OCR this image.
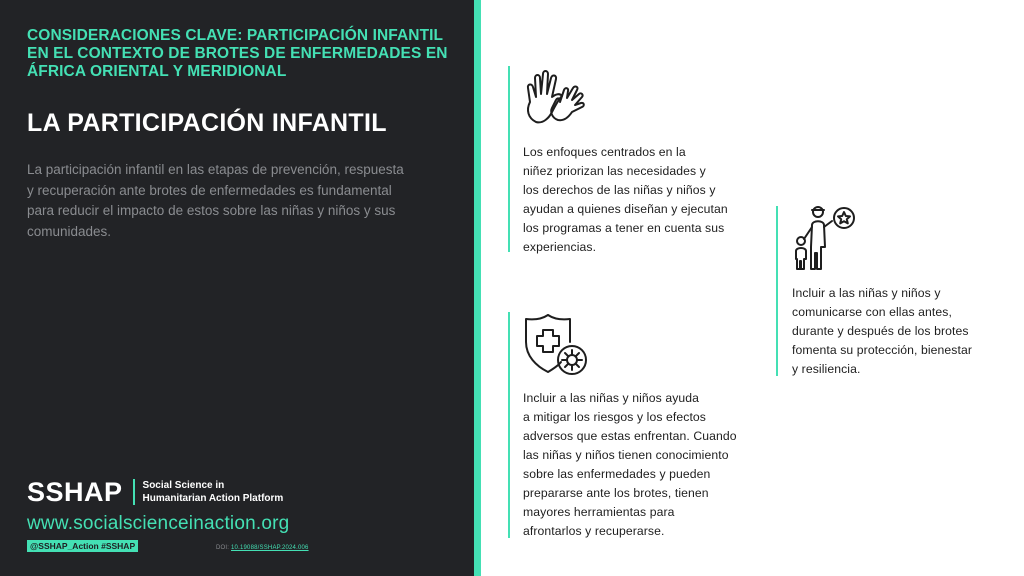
CONSIDERACIONES CLAVE: PARTICIPACIÓN INFANTIL
EN EL CONTEXTO DE BROTES DE ENFERMEDADES EN
ÁFRICA ORIENTAL Y MERIDIONAL
LA PARTICIPACIÓN INFANTIL
La participación infantil en las etapas de prevención, respuesta
y recuperación ante brotes de enfermedades es fundamental
para reducir el impacto de estos sobre las niñas y niños y sus
comunidades.
SSHAP Social Science in
Humanitarian Action Platform
www.socialscienceinaction.org
@SSHAP_Action #SSHAP	DOI: 10.19088/SSHAP.2024.006
Los enfoques centrados en la
niñez priorizan las necesidades y
los derechos de las niñas y niños y
ayudan a quienes diseñan y ejecutan
los programas a tener en cuenta sus
experiencias.
Incluir a las niñas y niños y
comunicarse con ellas antes,
durante y después de los brotes
fomenta su protección, bienestar
y resiliencia.
Incluir a las niñas y niños ayuda
a mitigar los riesgos y los efectos
adversos que estas enfrentan. Cuando
las niñas y niños tienen conocimiento
sobre las enfermedades y pueden
prepararse ante los brotes, tienen
mayores herramientas para
afrontarlos y recuperarse.
